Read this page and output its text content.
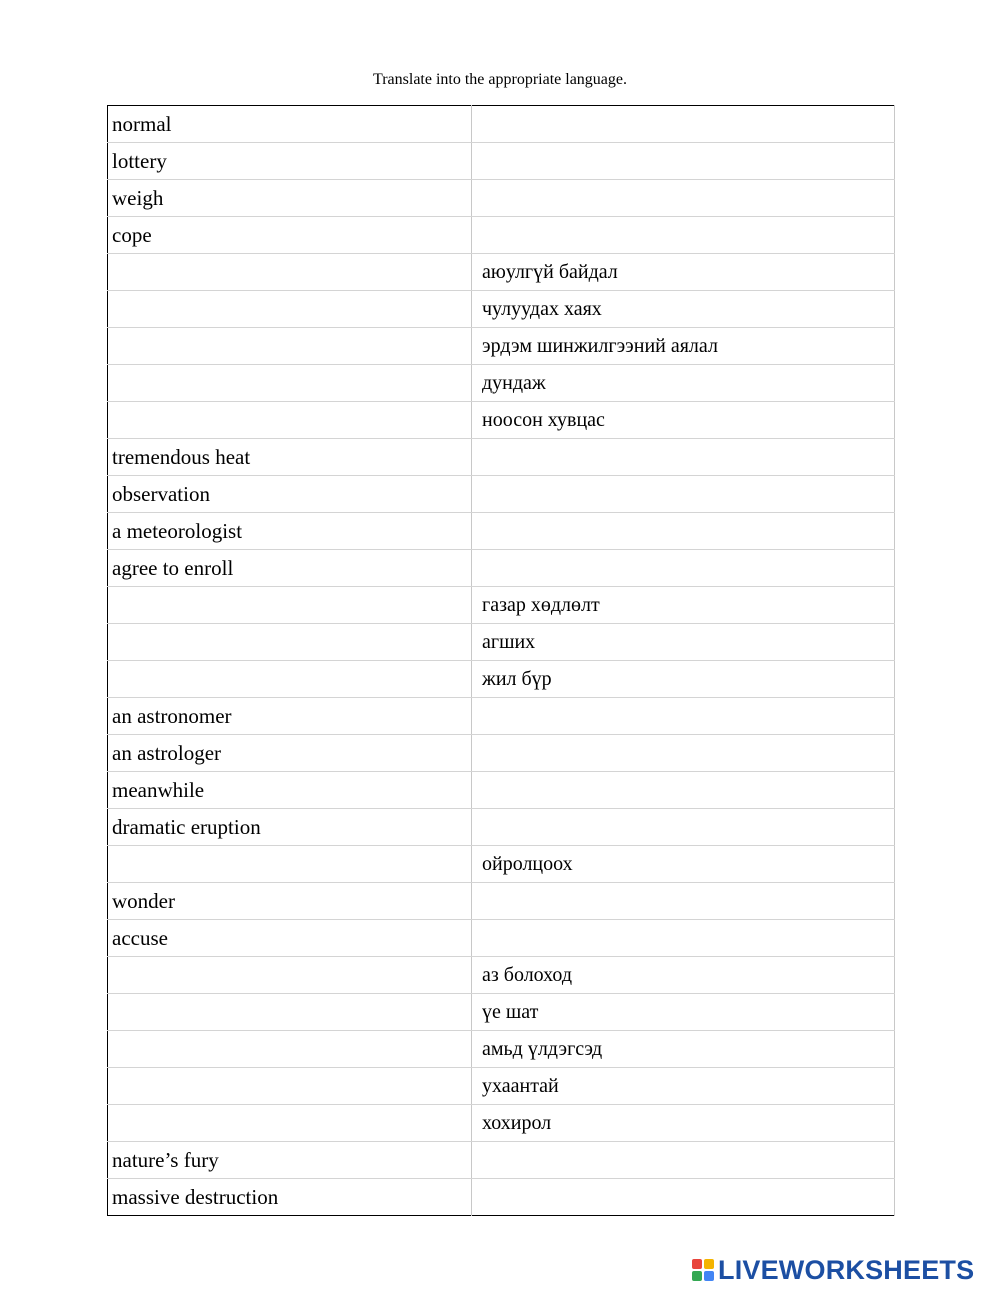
Translate into the appropriate language.
normal	
lottery	
weigh	
cope	
	аюулгүй байдал
	чулуудах хаях
	эрдэм шинжилгээний аялал
	дундаж
	ноосон хувцас
tremendous heat	
observation	
a meteorologist	
agree to enroll	
	газар хөдлөлт
	агших
	жил бүр
an astronomer	
an astrologer	
meanwhile	
dramatic eruption	
	ойролцоох
wonder	
accuse	
	аз болоход
	үе шат
	амьд үлдэгсэд
	ухаантай
	хохирол
nature’s fury	
massive destruction	
LIVEWORKSHEETS
